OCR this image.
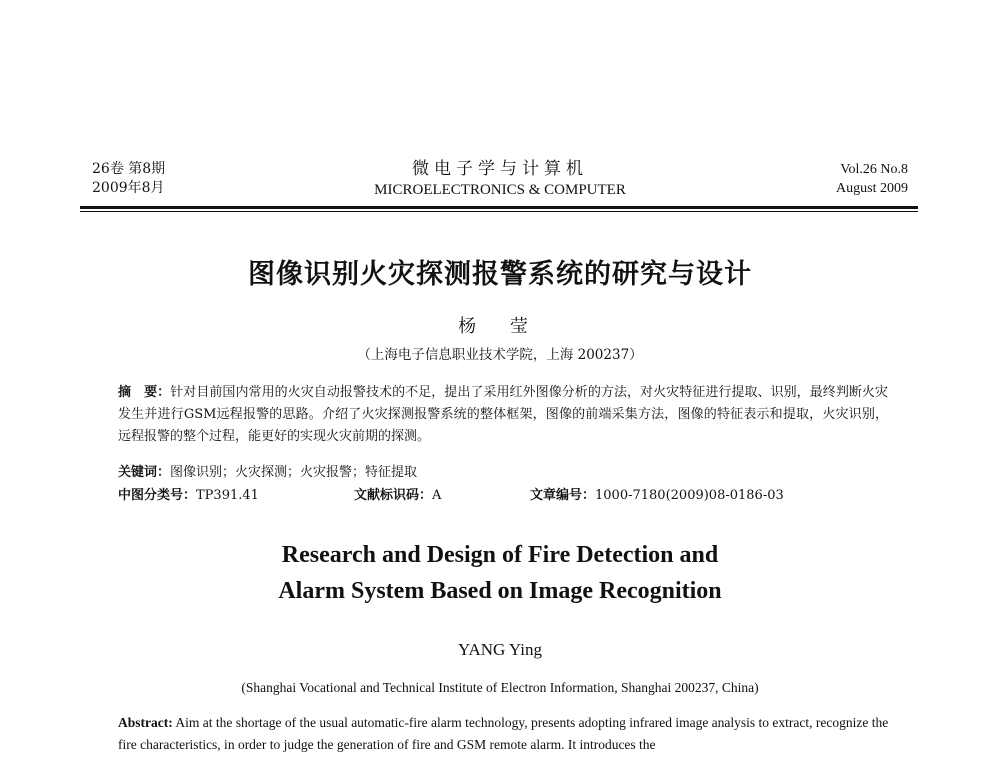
26卷 第8期
2009年8月
微电子学与计算机
MICROELECTRONICS & COMPUTER
Vol.26 No.8
August 2009
图像识别火灾探测报警系统的研究与设计
杨 莹
（上海电子信息职业技术学院，上海 200237）
摘　要：针对目前国内常用的火灾自动报警技术的不足，提出了采用红外图像分析的方法，对火灾特征进行提取、识别，最终判断火灾发生并进行GSM远程报警的思路。介绍了火灾探测报警系统的整体框架，图像的前端采集方法，图像的特征表示和提取，火灾识别，远程报警的整个过程，能更好的实现火灾前期的探测。
关键词：图像识别；火灾探测；火灾报警；特征提取
中图分类号：TP391.41	文献标识码：A	文章编号：1000-7180(2009)08-0186-03
Research and Design of Fire Detection and
Alarm System Based on Image Recognition
YANG Ying
(Shanghai Vocational and Technical Institute of Electron Information, Shanghai 200237, China)
Abstract: Aim at the shortage of the usual automatic-fire alarm technology, presents adopting infrared image analysis to extract, recognize the fire characteristics, in order to judge the generation of fire and GSM remote alarm. It introduces the
